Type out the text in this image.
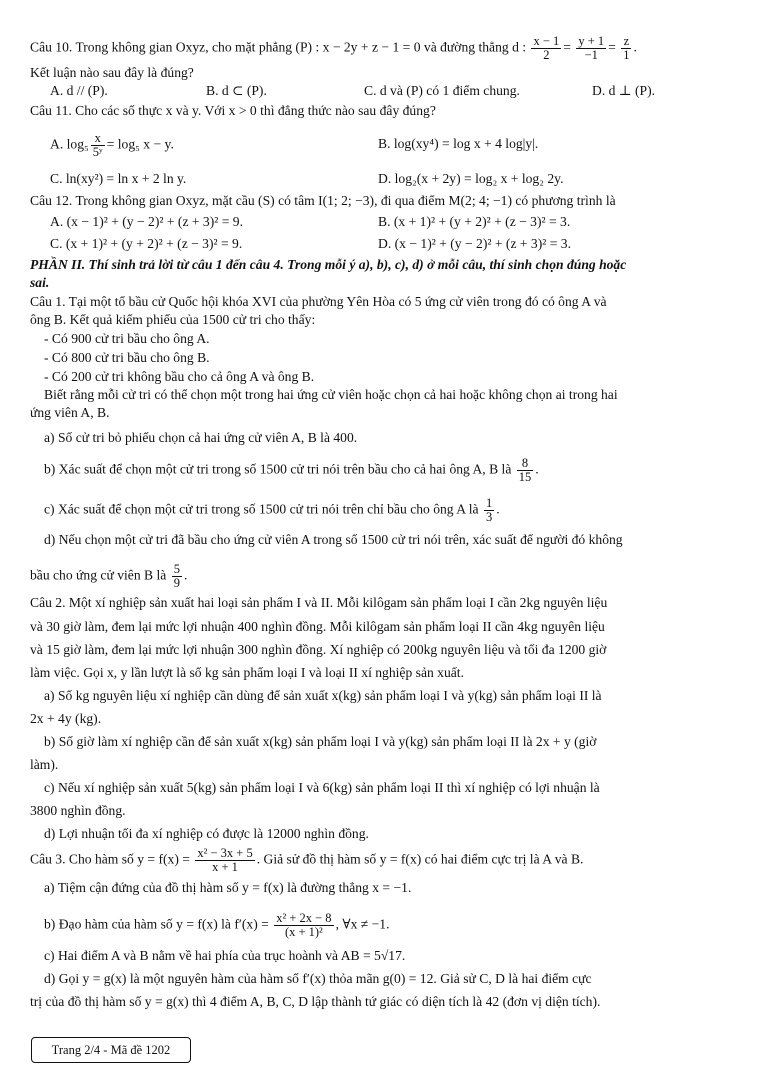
Câu 10. Trong không gian Oxyz, cho mặt phẳng (P) : x − 2y + z − 1 = 0 và đường thẳng d : $\frac{x - 1}{2} = \frac{y + 1}{-1} = \frac{z}{1}$ .
Kết luận nào sau đây là đúng?
A. d // (P).	B. d ⊂ (P).	C. d và (P) có 1 điểm chung.	D. d ⊥ (P).
Câu 11. Cho các số thực x và y. Với x > 0 thì đẳng thức nào sau đây đúng?
A. $\log_5 \frac{x}{\text{5ʸ}} = \log_5$ x − y.	B. log(xy⁴) = log x + 4 log|y|.
C. ln(xy²) = ln x + 2 ln y.	D. log₂(x + 2y) = log₂ x + log₂ 2y.
Câu 12. Trong không gian Oxyz, mặt cầu (S) có tâm I(1; 2; −3), đi qua điểm M(2; 4; −1) có phương trình là
A. (x − 1)² + (y − 2)² + (z + 3)² = 9.	B. (x + 1)² + (y + 2)² + (z − 3)² = 3.
C. (x + 1)² + (y + 2)² + (z − 3)² = 9.	D. (x − 1)² + (y − 2)² + (z + 3)² = 3.
PHẦN II. Thí sinh trả lời từ câu 1 đến câu 4. Trong mỗi ý a), b), c), d) ở mỗi câu, thí sinh chọn đúng hoặc
sai.
Câu 1. Tại một tổ bầu cử Quốc hội khóa XVI của phường Yên Hòa có 5 ứng cử viên trong đó có ông A và
ông B. Kết quả kiểm phiếu của 1500 cử tri cho thấy:
- Có 900 cử tri bầu cho ông A.
- Có 800 cử tri bầu cho ông B.
- Có 200 cử tri không bầu cho cả ông A và ông B.
Biết rằng mỗi cử tri có thể chọn một trong hai ứng cử viên hoặc chọn cả hai hoặc không chọn ai trong hai
ứng viên A, B.
a) Số cử tri bỏ phiếu chọn cả hai ứng cử viên A, B là 400.
b) Xác suất để chọn một cử tri trong số 1500 cử tri nói trên bầu cho cả hai ông A, B là $\frac{8}{15}$ .
c) Xác suất để chọn một cử tri trong số 1500 cử tri nói trên chỉ bầu cho ông A là $\frac{1}{3}$ .
d) Nếu chọn một cử tri đã bầu cho ứng cử viên A trong số 1500 cử tri nói trên, xác suất để người đó không
bầu cho ứng cử viên B là $\frac{5}{9}$ .
Câu 2. Một xí nghiệp sản xuất hai loại sản phẩm I và II. Mỗi kilôgam sản phẩm loại I cần 2kg nguyên liệu
và 30 giờ làm, đem lại mức lợi nhuận 400 nghìn đồng. Mỗi kilôgam sản phẩm loại II cần 4kg nguyên liệu
và 15 giờ làm, đem lại mức lợi nhuận 300 nghìn đồng. Xí nghiệp có 200kg nguyên liệu và tối đa 1200 giờ
làm việc. Gọi x, y lần lượt là số kg sản phẩm loại I và loại II xí nghiệp sản xuất.
a) Số kg nguyên liệu xí nghiệp cần dùng để sản xuất x(kg) sản phẩm loại I và y(kg) sản phẩm loại II là
2x + 4y (kg).
b) Số giờ làm xí nghiệp cần để sản xuất x(kg) sản phẩm loại I và y(kg) sản phẩm loại II là 2x + y (giờ
làm).
c) Nếu xí nghiệp sản xuất 5(kg) sản phẩm loại I và 6(kg) sản phẩm loại II thì xí nghiệp có lợi nhuận là
3800 nghìn đồng.
d) Lợi nhuận tối đa xí nghiệp có được là 12000 nghìn đồng.
Câu 3. Cho hàm số $y = f(x) = \frac{\text{x² − 3x + 5}}{x + 1}$ . Giả sử đồ thị hàm số y = f(x) có hai điểm cực trị là A và B.
a) Tiệm cận đứng của đồ thị hàm số y = f(x) là đường thẳng x = −1.
b) Đạo hàm của hàm số y = f(x) là $f'(x) = \frac{\text{x² + 2x − 8}}{\text{(x + 1)²}}$ , ∀x ≠ −1.
c) Hai điểm A và B nằm về hai phía của trục hoành và AB = 5√17.
d) Gọi y = g(x) là một nguyên hàm của hàm số f′(x) thỏa mãn g(0) = 12. Giả sử C, D là hai điểm cực
trị của đồ thị hàm số y = g(x) thì 4 điểm A, B, C, D lập thành tứ giác có diện tích là 42 (đơn vị diện tích).
Trang 2/4 - Mã đề 1202
